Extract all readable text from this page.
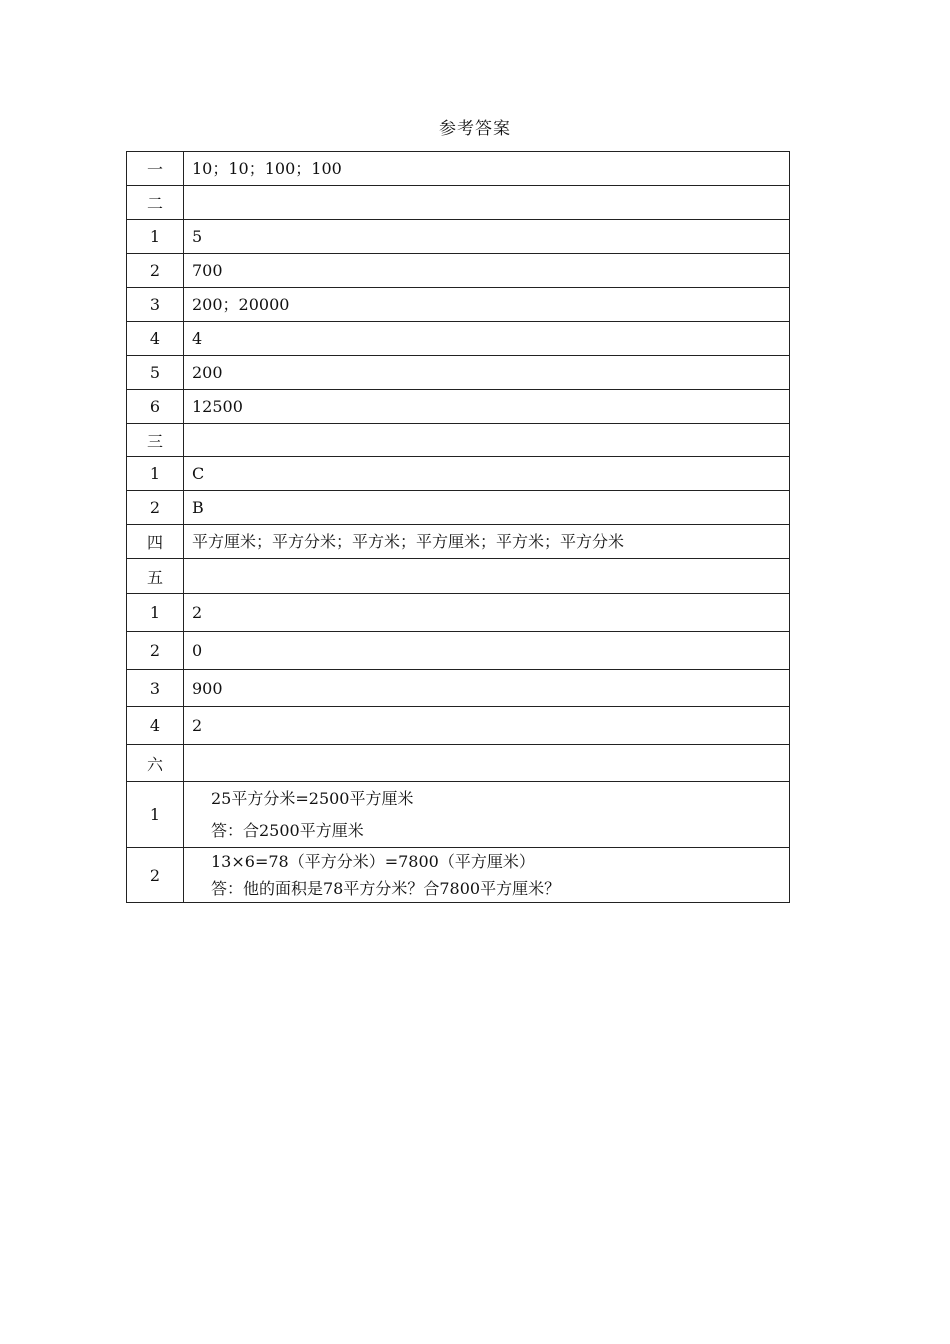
参考答案
一	10；10；100；100

二	

1	5

2	700

3	200；20000

4	4

5	200

6	12500

三	

1	C

2	B

四	平方厘米；平方分米；平方米；平方厘米；平方米；平方分米

五	

1	2

2	0

3	900

4	2

六	

1	25平方分米=2500平方厘米
答：合2500平方厘米

2	13×6=78（平方分米）=7800（平方厘米）
答：他的面积是78平方分米？合7800平方厘米？
